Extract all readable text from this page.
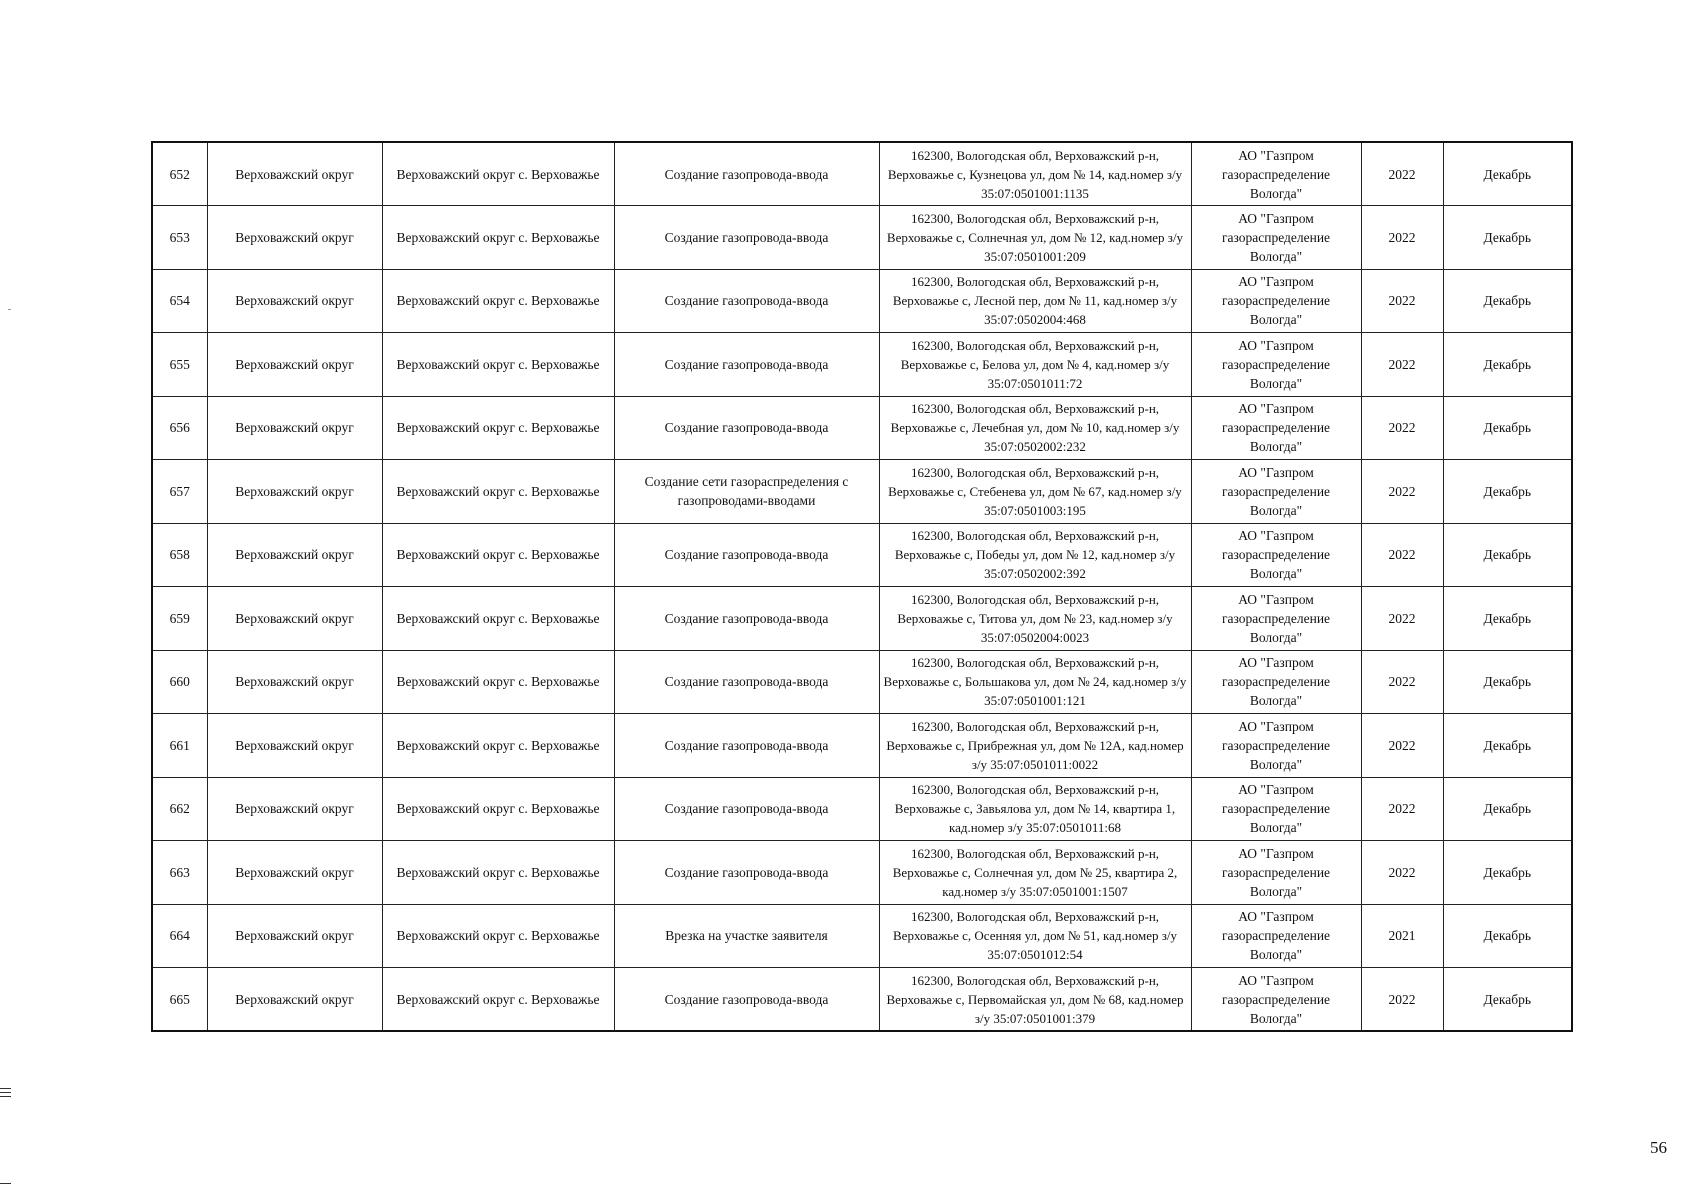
652	Верховажский округ	Верховажский округ с. Верховажье	Создание газопровода-ввода	162300, Вологодская обл, Верховажский р-н, Верховажье с, Кузнецова ул, дом № 14, кад.номер з/у 35:07:0501001:1135	АО "Газпром газораспределение Вологда"	2022	Декабрь
653	Верховажский округ	Верховажский округ с. Верховажье	Создание газопровода-ввода	162300, Вологодская обл, Верховажский р-н, Верховажье с, Солнечная ул, дом № 12, кад.номер з/у 35:07:0501001:209	АО "Газпром газораспределение Вологда"	2022	Декабрь
654	Верховажский округ	Верховажский округ с. Верховажье	Создание газопровода-ввода	162300, Вологодская обл, Верховажский р-н, Верховажье с, Лесной пер, дом № 11, кад.номер з/у 35:07:0502004:468	АО "Газпром газораспределение Вологда"	2022	Декабрь
655	Верховажский округ	Верховажский округ с. Верховажье	Создание газопровода-ввода	162300, Вологодская обл, Верховажский р-н, Верховажье с, Белова ул, дом № 4, кад.номер з/у 35:07:0501011:72	АО "Газпром газораспределение Вологда"	2022	Декабрь
656	Верховажский округ	Верховажский округ с. Верховажье	Создание газопровода-ввода	162300, Вологодская обл, Верховажский р-н, Верховажье с, Лечебная ул, дом № 10, кад.номер з/у 35:07:0502002:232	АО "Газпром газораспределение Вологда"	2022	Декабрь
657	Верховажский округ	Верховажский округ с. Верховажье	Создание сети газораспределения с газопроводами-вводами	162300, Вологодская обл, Верховажский р-н, Верховажье с, Стебенева ул, дом № 67, кад.номер з/у 35:07:0501003:195	АО "Газпром газораспределение Вологда"	2022	Декабрь
658	Верховажский округ	Верховажский округ с. Верховажье	Создание газопровода-ввода	162300, Вологодская обл, Верховажский р-н, Верховажье с, Победы ул, дом № 12, кад.номер з/у 35:07:0502002:392	АО "Газпром газораспределение Вологда"	2022	Декабрь
659	Верховажский округ	Верховажский округ с. Верховажье	Создание газопровода-ввода	162300, Вологодская обл, Верховажский р-н, Верховажье с, Титова ул, дом № 23, кад.номер з/у 35:07:0502004:0023	АО "Газпром газораспределение Вологда"	2022	Декабрь
660	Верховажский округ	Верховажский округ с. Верховажье	Создание газопровода-ввода	162300, Вологодская обл, Верховажский р-н, Верховажье с, Большакова ул, дом № 24, кад.номер з/у 35:07:0501001:121	АО "Газпром газораспределение Вологда"	2022	Декабрь
661	Верховажский округ	Верховажский округ с. Верховажье	Создание газопровода-ввода	162300, Вологодская обл, Верховажский р-н, Верховажье с, Прибрежная ул, дом № 12А, кад.номер з/у 35:07:0501011:0022	АО "Газпром газораспределение Вологда"	2022	Декабрь
662	Верховажский округ	Верховажский округ с. Верховажье	Создание газопровода-ввода	162300, Вологодская обл, Верховажский р-н, Верховажье с, Завьялова ул, дом № 14, квартира 1, кад.номер з/у 35:07:0501011:68	АО "Газпром газораспределение Вологда"	2022	Декабрь
663	Верховажский округ	Верховажский округ с. Верховажье	Создание газопровода-ввода	162300, Вологодская обл, Верховажский р-н, Верховажье с, Солнечная ул, дом № 25, квартира 2, кад.номер з/у 35:07:0501001:1507	АО "Газпром газораспределение Вологда"	2022	Декабрь
664	Верховажский округ	Верховажский округ с. Верховажье	Врезка на участке заявителя	162300, Вологодская обл, Верховажский р-н, Верховажье с, Осенняя ул, дом № 51, кад.номер з/у 35:07:0501012:54	АО "Газпром газораспределение Вологда"	2021	Декабрь
665	Верховажский округ	Верховажский округ с. Верховажье	Создание газопровода-ввода	162300, Вологодская обл, Верховажский р-н, Верховажье с, Первомайская ул, дом № 68, кад.номер з/у 35:07:0501001:379	АО "Газпром газораспределение Вологда"	2022	Декабрь
56
